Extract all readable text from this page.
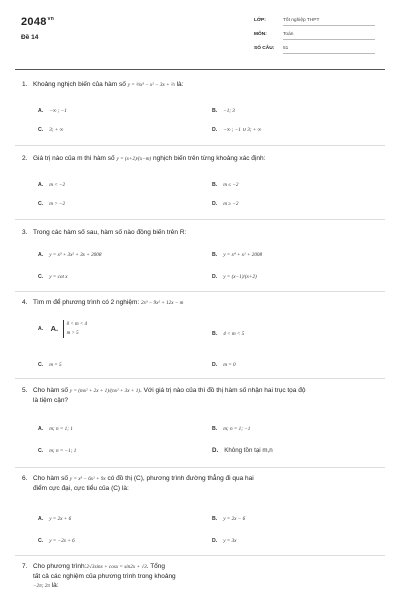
$2048^{vn}$
Đề 14
LỚP:	Tốt nghiệp THPT
MÔN:	Toán
SỐ CÂU: 51
1. Khoảng nghịch biến của hàm số y = ⅓x³ − x² − 3x + ⅔ là:
A. −∞ ; −1	B. −1; 3
C. 3; + ∞	D. −∞ ; −1 ∪ 3; + ∞
2. Giá trị nào của m thì hàm số y = (x+2)/(x−m) nghịch biến trên từng khoảng xác định:
A. m < −2	B. m ≤ −2
C. m > −2	D. m ≥ −2
3. Trong các hàm số sau, hàm số nào đồng biến trên R:
A. y = x³ + 3x² + 3x + 2008	B. y = x⁴ + x² + 2008
C. y = cot x	D. y = (x−1)/(x+2)
4. Tìm m để phương trình có 2 nghiệm: 2x³ − 9x² + 12x − m
A. A. 0 < m < 4
m > 5	B. 4 < m < 5
C. m = 5	D. m = 0
5. Cho hàm số y = (mx² + 2x + 1)/(nx² + 3x + 1). Với giá trị nào của thì đồ thị hàm số nhận hai trục tọa độ
là tiệm cận?
A. m; n = 1; 1	B. m; n = 1; −1
C. m; n = −1; 1	D. Không tồn tại m,n
6. Cho hàm số y = x³ − 6x² + 9x có đồ thị (C), phương trình đường thẳng đi qua hai
điểm cực đại, cực tiểu của (C) là:
A. y = 2x + 6	B. y = 2x − 6
C. y = −2x + 6	D. y = 3x
7. Cho phương trình:2√3sinx + cosx = sin2x + √3. Tổng
tất cả các nghiệm của phương trình trong khoảng
−2π; 2π là:
